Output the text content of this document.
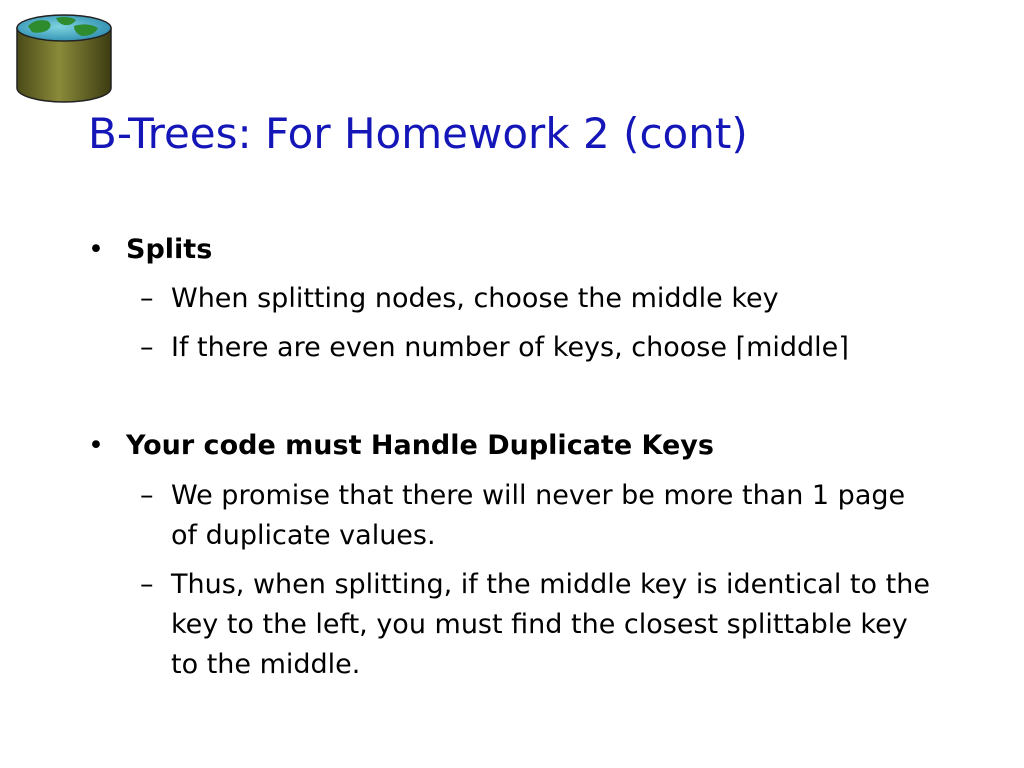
B-Trees: For Homework 2 (cont)
• Splits
– When splitting nodes, choose the middle key
– If there are even number of keys, choose ⌈middle⌉
• Your code must Handle Duplicate Keys
– We promise that there will never be more than 1 page of duplicate values.
– Thus, when splitting, if the middle key is identical to the key to the left, you must find the closest splittable key to the middle.
